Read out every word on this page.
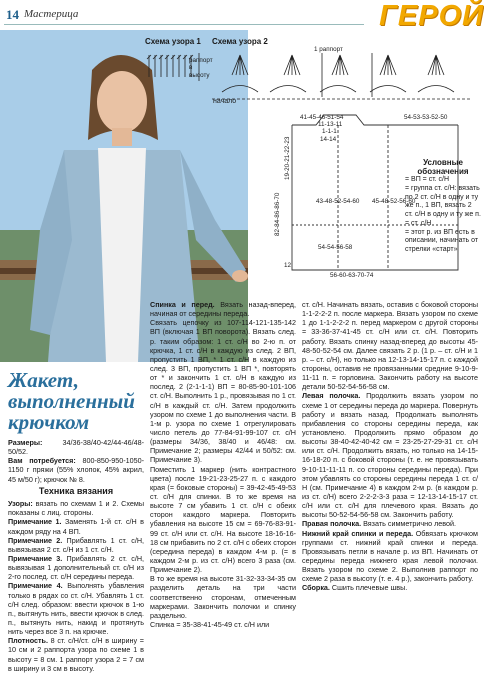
14 Мастерица	ГЕРОЙ
Схема узора 1 Схема узора 2
раппорт в высоту
1 раппорт
начало
41-45-46-51-54
11-13-11
1-1-1
14-14
54-53-53-52-50
43-48-52-54-60 45-48-52-56-60
54-54-56-58
56-60-63-70-74
82-84-86-86-70
19-20-21-22-23
12
Условные обозначения
= ВП = ст. с/Н
= группа ст. с/Н: вязать по 2 ст. с/Н в одну и ту же п., 1 ВП, вязать 2 ст. с/Н в одну и ту же п.
= ст. с/Н
= этот р. из ВП есть в описании, начинать от стрелки «старт»
Жакет,
выполненный
крючком

Размеры:	34/36-38/40-42/44-46/48-50/52.

Вам потребуется: 800-850-950-1050-1150 г пряжи (55% хлопок, 45% акрил, 45 м/50 г); крючок № 8.

Техника вязания

Узоры: вязать по схемам 1 и 2. Схемы показаны с лиц. стороны.

Примечание 1. Заменять 1-й ст. с/Н в каждом ряду на 4 ВП.

Примечание 2. Прибавлять 1 ст. с/Н, вывязывая 2 ст. с/Н из 1 ст. с/Н.

Примечание 3. Прибавлять 2 ст. с/Н, вывязывая 1 дополнительный ст. с/Н из 2-го послед. ст. с/Н середины переда.

Примечание 4. Выполнять убавления только в рядах со ст. с/Н. Убавлять 1 ст. с/Н след. образом: ввести крючок в 1-ю п., вытянуть нить, ввести крючок в след. п., вытянуть нить, накид и протянуть нить через все 3 п. на крючке.

Плотность. 8 ст. с/Н/ст. с/Н в ширину = 10 см и 2 раппорта узора по схеме 1 в высоту = 8 см. 1 раппорт узора 2 = 7 см в ширину и 3 см в высоту.

Спинка и перед. Вязать назад-вперед, начиная от середины переда.

Связать цепочку из 107-114-121-135-142 ВП (включая 1 ВП поворота). Вязать след. р. таким образом: 1 ст. с/Н во 2-ю п. от крючка, 1 ст. с/Н в каждую из след. 2 ВП, пропустить 1 ВП, * 1 ст. с/Н в каждую из след. 3 ВП, пропустить 1 ВП *, повторять от * и закончить 1 ст. с/Н в каждую из послед. 2 (2-1-1-1) ВП = 80-85-90-101-106 ст. с/Н. Выполнить 1 р., провязывая по 1 ст. с/Н в каждый ст. с/Н. Затем продолжить узором по схеме 1 до выполнения части. В 1-м р. узора по схеме 1 отрегулировать число петель до 77-84-91-99-107 ст. с/Н (размеры 34/36, 38/40 и 46/48: см. Примечание 2; размеры 42/44 и 50/52: см. Примечание 3).

Поместить 1 маркер (нить контрастного цвета) после 19-21-23-25-27 п. с каждого края (= боковые стороны) = 39-42-45-49-53 ст. с/Н для спинки. В то же время на высоте 7 см убавить 1 ст. с/Н с обеих сторон каждого маркера. Повторить убавления на высоте 15 см = 69-76-83-91-99 ст. с/Н или ст. с/Н. На высоте 18-16-16-18 см прибавить по 2 ст. с/Н с обеих сторон (середина переда) в каждом 4-м р. (= в каждом 2-м р. из ст. с/Н) всего 3 раза (см. Примечание 2).

В то же время на высоте 31-32-33-34-35 см разделить деталь на три части соответственно сторонам, отмеченным маркерами. Закончить полочки и спинку раздельно.

Спинка = 35-38-41-45-49 ст. с/Н или

ст. с/Н. Начинать вязать, оставив с боковой стороны 1-1-2-2-2 п. после маркера. Вязать узором по схеме 1 до 1-1-2-2-2 п. перед маркером с другой стороны = 33-36-37-41-45 ст. с/Н или ст. с/Н. Повторить работу. Вязать спинку назад-вперед до высоты 45-48-50-52-54 см. Далее связать 2 р. (1 р. – ст. с/Н и 1 р. – ст. с/Н), но только на 12-13-14-15-17 п. с каждой стороны, оставив не провязанными средние 9-10-9-11-11 п. = горловина. Закончить работу на высоте детали 50-52-54-56-58 см.

Левая полочка. Продолжить вязать узором по схеме 1 от середины переда до маркера. Повернуть работу и вязать назад. Продолжать выполнять прибавления со стороны середины переда, как установлено. Продолжить прямо образом до высоты 38-40-42-40-42 см = 23-25-27-29-31 ст. с/Н или ст. с/Н. Продолжить вязать, но только на 14-15-16-18-20 п. с боковой стороны (т. е. не провязывать 9-10-11-11-11 п. со стороны середины переда). При этом убавлять со стороны середины переда 1 ст. с/Н (см. Примечание 4) в каждом 2-м р. (в каждом р. из ст. с/Н) всего 2-2-2-3-3 раза = 12-13-14-15-17 ст. с/Н или ст. с/Н для плечевого края. Вязать до высоты 50-52-54-56-58 см. Закончить работу.

Правая полочка. Вязать симметрично левой.

Нижний край спинки и переда. Обвязать крючком группами ст. нижний край спинки и переда. Провязывать петли в начале р. из ВП. Начинать от середины переда нижнего края левой полочки. Вязать узором по схеме 2. Выполнив раппорт по схеме 2 раза в высоту (т. е. 4 р.), закончить работу.

Сборка. Сшить плечевые швы.
